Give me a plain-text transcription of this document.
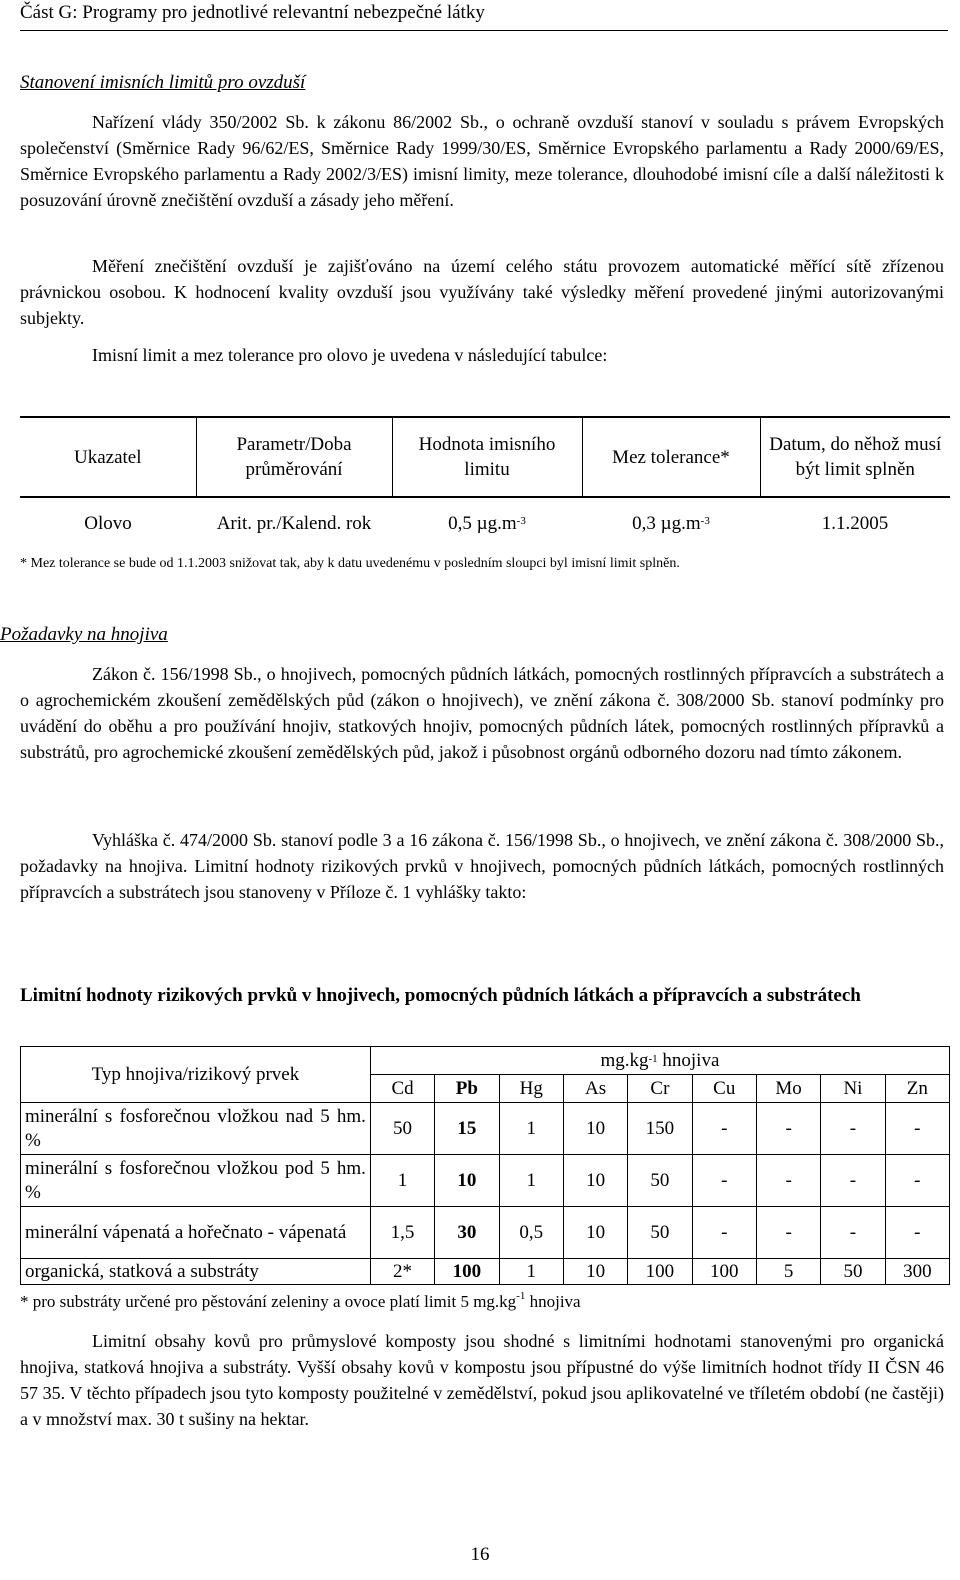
Část G: Programy pro jednotlivé relevantní nebezpečné látky
Stanovení imisních limitů pro ovzduší

Nařízení vlády 350/2002 Sb. k zákonu 86/2002 Sb., o ochraně ovzduší stanoví v souladu s právem Evropských společenství (Směrnice Rady 96/62/ES, Směrnice Rady 1999/30/ES, Směrnice Evropského parlamentu a Rady 2000/69/ES, Směrnice Evropského parlamentu a Rady 2002/3/ES) imisní limity, meze tolerance, dlouhodobé imisní cíle a další náležitosti k posuzování úrovně znečištění ovzduší a zásady jeho měření.

Měření znečištění ovzduší je zajišťováno na území celého státu provozem automatické měřící sítě zřízenou právnickou osobou. K hodnocení kvality ovzduší jsou využívány také výsledky měření provedené jinými autorizovanými subjekty.

Imisní limit a mez tolerance pro olovo je uvedena v následující tabulce:

Ukazatel	Parametr/Doba průměrování	Hodnota imisního limitu	Mez tolerance*	Datum, do něhož musí být limit splněn
Olovo	Arit. pr./Kalend. rok	0,5 $\mu g.m^{-3}$	0,3 $\mu g.m^{-3}$	1.1.2005
* Mez tolerance se bude od 1.1.2003 snižovat tak, aby k datu uvedenému v posledním sloupci byl imisní limit splněn.
Požadavky na hnojiva

Zákon č. 156/1998 Sb., o hnojivech, pomocných půdních látkách, pomocných rostlinných přípravcích a substrátech a o agrochemickém zkoušení zemědělských půd (zákon o hnojivech), ve znění zákona č. 308/2000 Sb. stanoví podmínky pro uvádění do oběhu a pro používání hnojiv, statkových hnojiv, pomocných půdních látek, pomocných rostlinných přípravků a substrátů, pro agrochemické zkoušení zemědělských půd, jakož i působnost orgánů odborného dozoru nad tímto zákonem.

Vyhláška č. 474/2000 Sb. stanoví podle 3 a 16 zákona č. 156/1998 Sb., o hnojivech, ve znění zákona č. 308/2000 Sb., požadavky na hnojiva. Limitní hodnoty rizikových prvků v hnojivech, pomocných půdních látkách, pomocných rostlinných přípravcích a substrátech jsou stanoveny v Příloze č. 1 vyhlášky takto:

Limitní hodnoty rizikových prvků v hnojivech, pomocných půdních látkách a přípravcích a substrátech
Typ hnojiva/rizikový prvek	$mg.kg^{-1}$ hnojiva								
	Cd	Pb	Hg	As	Cr	Cu	Mo	Ni	Zn
minerální s fosforečnou vložkou nad 5 hm. %	50	15	1	10	150	-	-	-	-
minerální s fosforečnou vložkou pod 5 hm. %	1	10	1	10	50	-	-	-	-
minerální vápenatá a hořečnato - vápenatá	1,5	30	0,5	10	50	-	-	-	-
organická, statková a substráty	2*	100	1	10	100	100	5	50	300
* pro substráty určené pro pěstování zeleniny a ovoce platí limit 5 $mg.kg^{-1}$ hnojiva

Limitní obsahy kovů pro průmyslové komposty jsou shodné s limitními hodnotami stanovenými pro organická hnojiva, statková hnojiva a substráty. Vyšší obsahy kovů v kompostu jsou přípustné do výše limitních hodnot třídy II ČSN 46 57 35. V těchto případech jsou tyto komposty použitelné v zemědělství, pokud jsou aplikovatelné ve tříletém období (ne častěji) a v množství max. 30 t sušiny na hektar.

16
